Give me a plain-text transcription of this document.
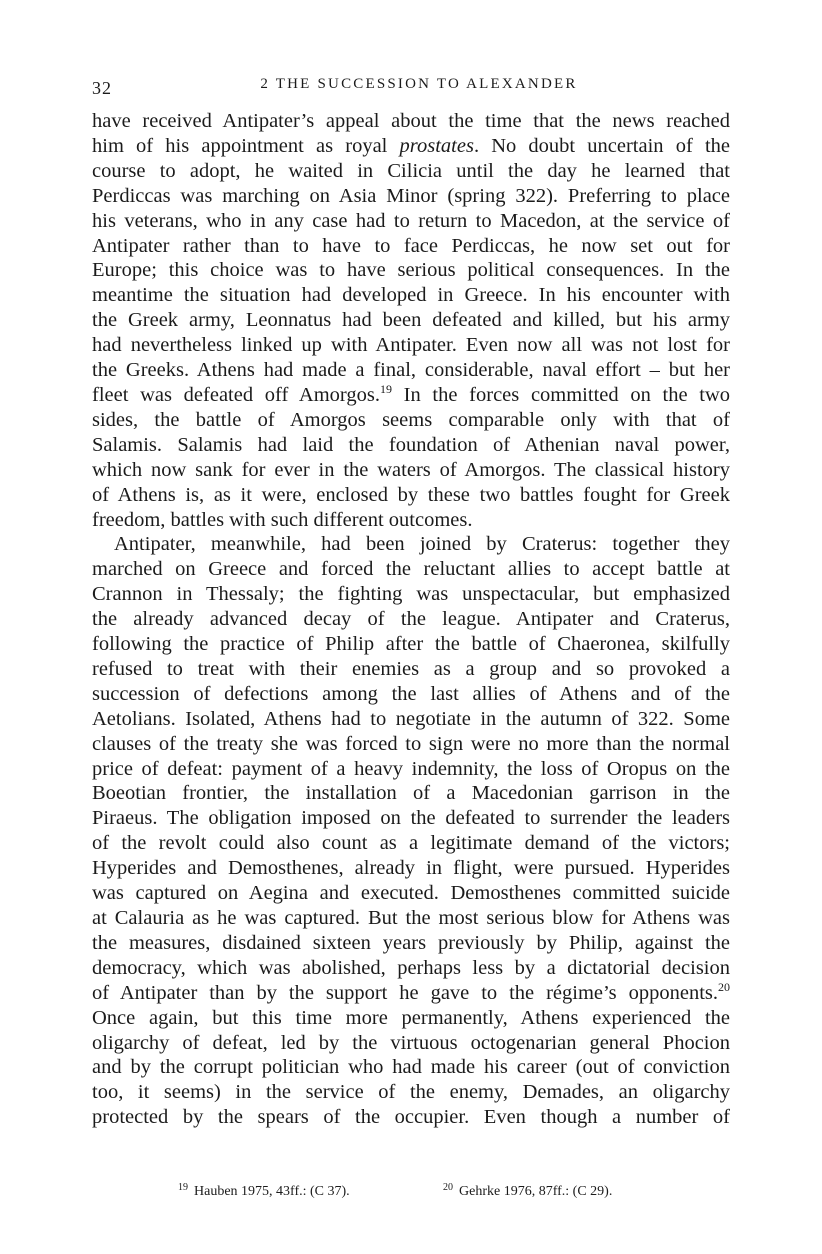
32	2 THE SUCCESSION TO ALEXANDER
have received Antipater’s appeal about the time that the news reached
him of his appointment as royal prostates. No doubt uncertain of the
course to adopt, he waited in Cilicia until the day he learned that
Perdiccas was marching on Asia Minor (spring 322). Preferring to place
his veterans, who in any case had to return to Macedon, at the service of
Antipater rather than to have to face Perdiccas, he now set out for
Europe; this choice was to have serious political consequences. In the
meantime the situation had developed in Greece. In his encounter with
the Greek army, Leonnatus had been defeated and killed, but his army
had nevertheless linked up with Antipater. Even now all was not lost for
the Greeks. Athens had made a final, considerable, naval effort – but her
fleet was defeated off Amorgos.$^{19}$ In the forces committed on the two
sides, the battle of Amorgos seems comparable only with that of
Salamis. Salamis had laid the foundation of Athenian naval power,
which now sank for ever in the waters of Amorgos. The classical history
of Athens is, as it were, enclosed by these two battles fought for Greek
freedom, battles with such different outcomes.
Antipater, meanwhile, had been joined by Craterus: together they
marched on Greece and forced the reluctant allies to accept battle at
Crannon in Thessaly; the fighting was unspectacular, but emphasized
the already advanced decay of the league. Antipater and Craterus,
following the practice of Philip after the battle of Chaeronea, skilfully
refused to treat with their enemies as a group and so provoked a
succession of defections among the last allies of Athens and of the
Aetolians. Isolated, Athens had to negotiate in the autumn of 322. Some
clauses of the treaty she was forced to sign were no more than the normal
price of defeat: payment of a heavy indemnity, the loss of Oropus on the
Boeotian frontier, the installation of a Macedonian garrison in the
Piraeus. The obligation imposed on the defeated to surrender the leaders
of the revolt could also count as a legitimate demand of the victors;
Hyperides and Demosthenes, already in flight, were pursued. Hyperides
was captured on Aegina and executed. Demosthenes committed suicide
at Calauria as he was captured. But the most serious blow for Athens was
the measures, disdained sixteen years previously by Philip, against the
democracy, which was abolished, perhaps less by a dictatorial decision
of Antipater than by the support he gave to the régime’s opponents.$^{20}$
Once again, but this time more permanently, Athens experienced the
oligarchy of defeat, led by the virtuous octogenarian general Phocion
and by the corrupt politician who had made his career (out of conviction
too, it seems) in the service of the enemy, Demades, an oligarchy
protected by the spears of the occupier. Even though a number of
$^{19}$ Hauben 1975, 43ff.: (C 37).	$^{20}$ Gehrke 1976, 87ff.: (C 29).
